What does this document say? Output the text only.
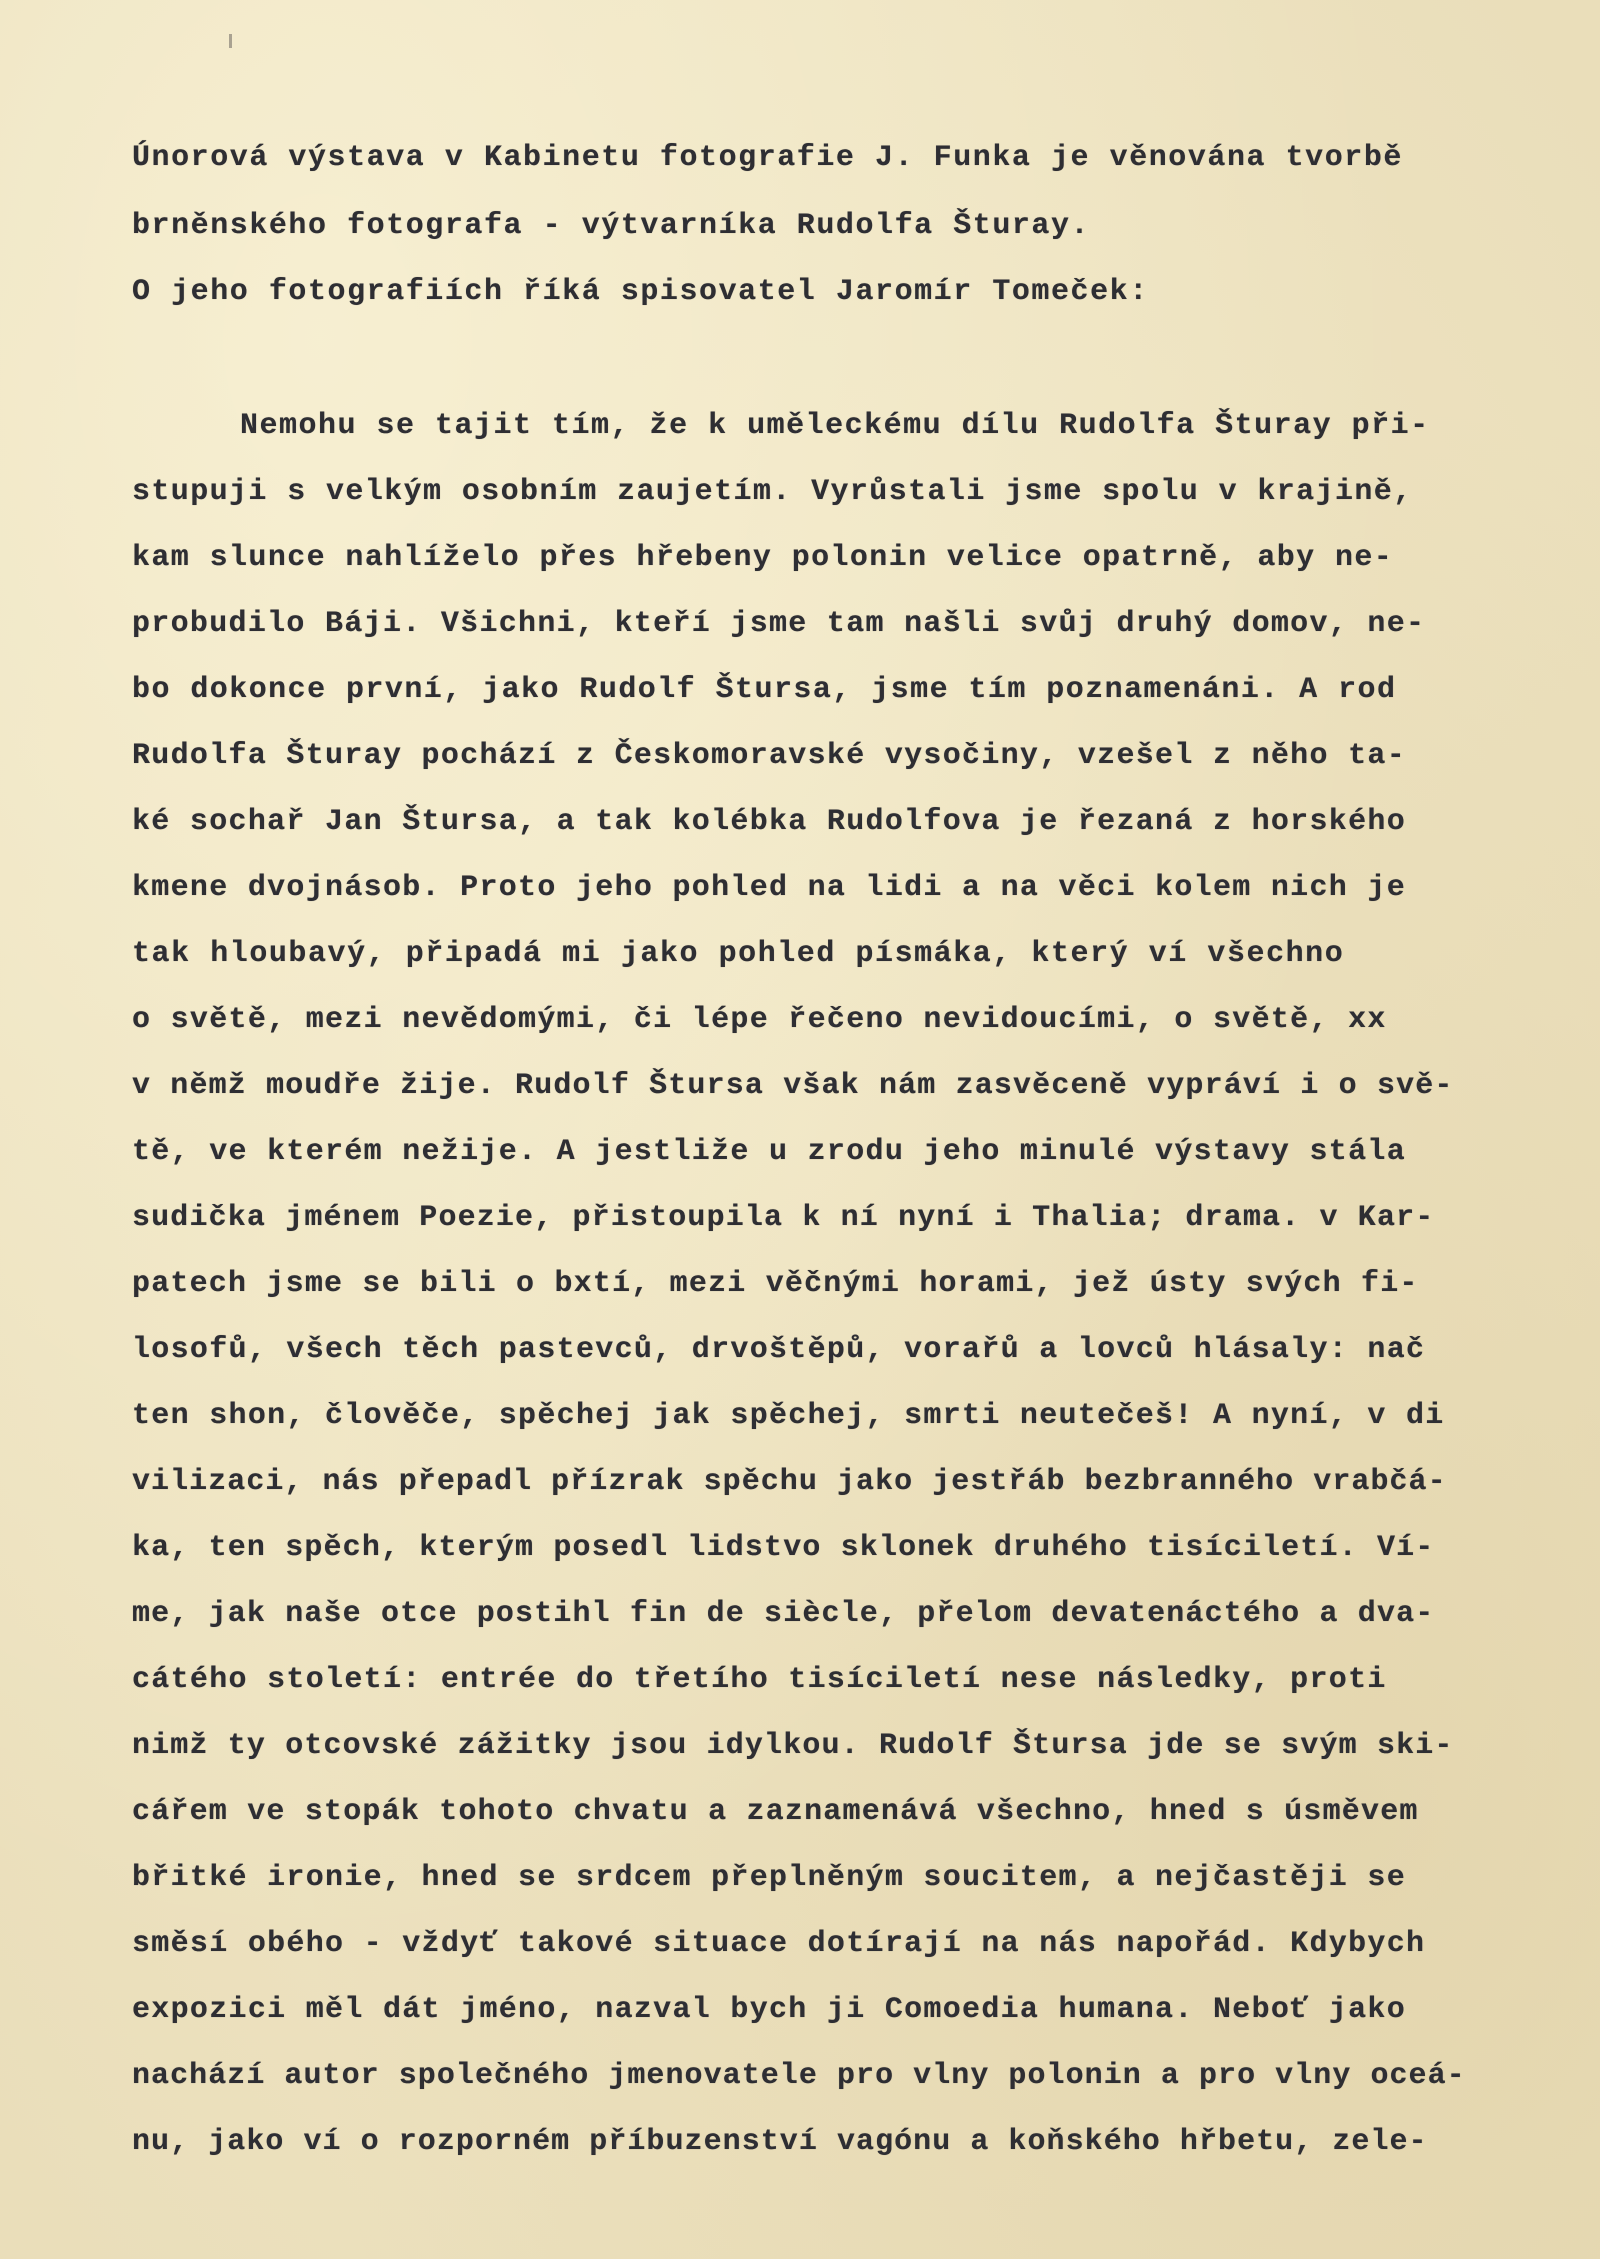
Únorová výstava v Kabinetu fotografie J. Funka je věnována tvorbě
brněnského fotografa - výtvarníka Rudolfa Šturay.
O jeho fotografiích říká spisovatel Jaromír Tomeček:
Nemohu se tajit tím, že k uměleckému dílu Rudolfa Šturay při-
stupuji s velkým osobním zaujetím. Vyrůstali jsme spolu v krajině,
kam slunce nahlíželo přes hřebeny polonin velice opatrně, aby ne-
probudilo Báji. Všichni, kteří jsme tam našli svůj druhý domov, ne-
bo dokonce první, jako Rudolf Štursa, jsme tím poznamenáni. A rod
Rudolfa Šturay pochází z Českomoravské vysočiny, vzešel z něho ta-
ké sochař Jan Štursa, a tak kolébka Rudolfova je řezaná z horského
kmene dvojnásob. Proto jeho pohled na lidi a na věci kolem nich je
tak hloubavý, připadá mi jako pohled písmáka, který ví všechno
o světě, mezi nevědomými, či lépe řečeno nevidoucími, o světě, xx
v němž moudře žije. Rudolf Štursa však nám zasvěceně vypráví i o svě-
tě, ve kterém nežije. A jestliže u zrodu jeho minulé výstavy stála
sudička jménem Poezie, přistoupila k ní nyní i Thalia; drama. v Kar-
patech jsme se bili o bxtí, mezi věčnými horami, jež ústy svých fi-
losofů, všech těch pastevců, drvoštěpů, vorařů a lovců hlásaly: nač
ten shon, člověče, spěchej jak spěchej, smrti neutečeš! A nyní, v di
vilizaci, nás přepadl přízrak spěchu jako jestřáb bezbranného vrabčá-
ka, ten spěch, kterým posedl lidstvo sklonek druhého tisíciletí. Ví-
me, jak naše otce postihl fin de siècle, přelom devatenáctého a dva-
cátého století: entrée do třetího tisíciletí nese následky, proti
nimž ty otcovské zážitky jsou idylkou. Rudolf Štursa jde se svým ski-
cářem ve stopák tohoto chvatu a zaznamenává všechno, hned s úsměvem
břitké ironie, hned se srdcem přeplněným soucitem, a nejčastěji se
směsí obého - vždyť takové situace dotírají na nás napořád. Kdybych
expozici měl dát jméno, nazval bych ji Comoedia humana. Neboť jako
nachází autor společného jmenovatele pro vlny polonin a pro vlny oceá-
nu, jako ví o rozporném příbuzenství vagónu a koňského hřbetu, zele-
